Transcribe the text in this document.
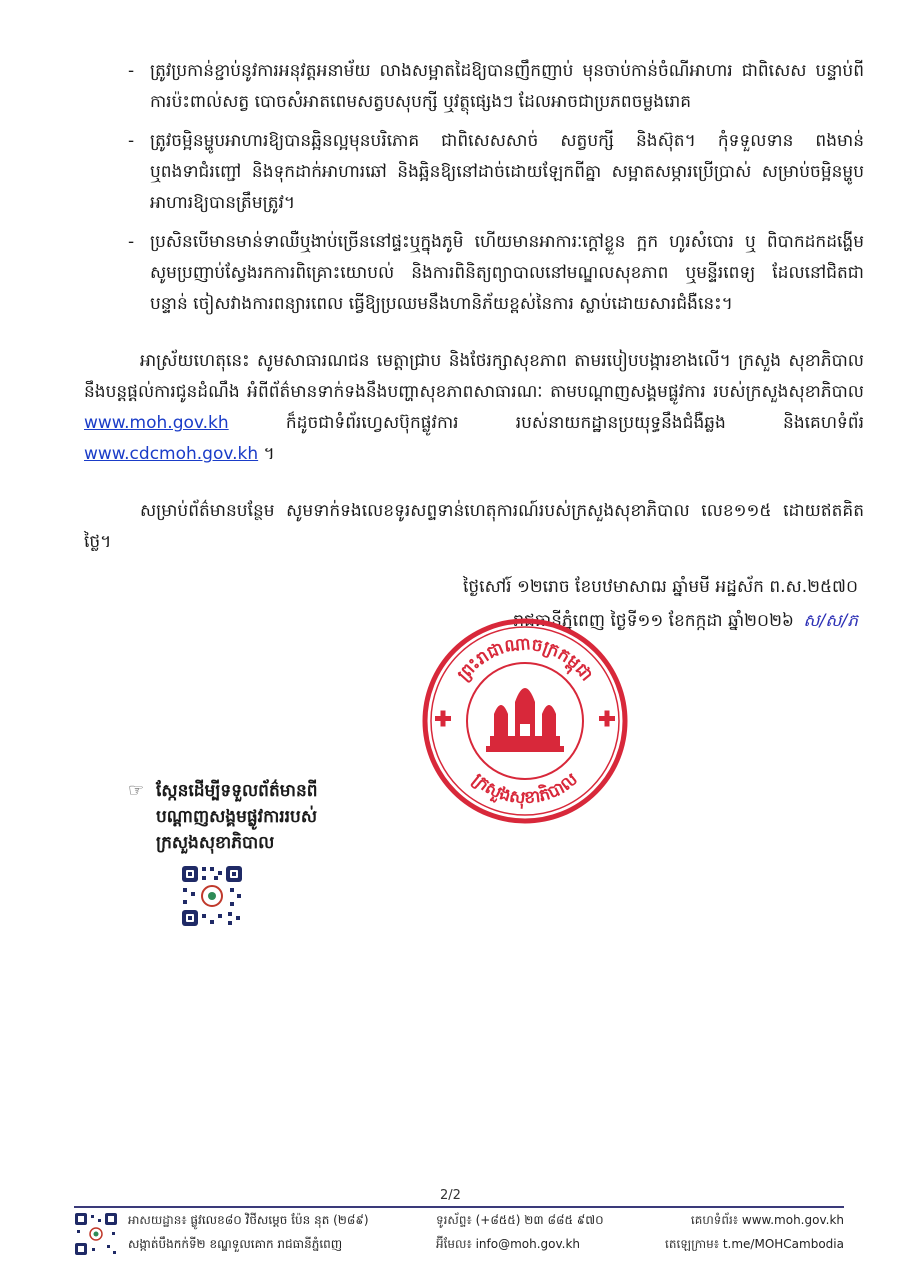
- ត្រូវប្រកាន់ខ្ជាប់នូវការអនុវត្តអនាម័យ លាងសម្អាតដៃឱ្យបានញឹកញាប់ មុនចាប់កាន់ចំណីអាហារ ជាពិសេស បន្ទាប់ពីការប៉ះពាល់សត្វ បោចសំអាតពេមសត្វបសុបក្សី ឬវត្ថុផ្សេងៗ ដែលអាចជាប្រភពចម្លងរោគ
- ត្រូវចម្អិនម្ហូបអាហារឱ្យបានឆ្អិនល្អមុនបរិភោគ ជាពិសេសសាច់ សត្វបក្សី និងស៊ុត។ កុំទទួលទាន ពងមាន់ ឬពងទាជំរញ្ជៅ និងទុកដាក់អាហារឆៅ និងឆ្អិនឱ្យនៅដាច់ដោយឡែកពីគ្នា សម្អាតសម្ភារប្រើប្រាស់ សម្រាប់ចម្អិនម្ហូបអាហារឱ្យបានត្រឹមត្រូវ។
- ប្រសិនបើមានមាន់ទាឈឺឬងាប់ច្រើននៅផ្ទះឬក្នុងភូមិ ហើយមានអាការៈក្តៅខ្លួន ក្អក ហូរសំបោរ ឬ ពិបាកដកដង្ហើម សូមប្រញាប់ស្វែងរកការពិគ្រោះយោបល់ និងការពិនិត្យព្យាបាលនៅមណ្ឌលសុខភាព ឬមន្ទីរពេទ្យ ដែលនៅជិតជាបន្ទាន់ ចៀសវាងការពន្យារពេល ធ្វើឱ្យប្រឈមនឹងហានិភ័យខ្ពស់នៃការ ស្លាប់ដោយសារជំងឺនេះ។
អាស្រ័យហេតុនេះ សូមសាធារណជន មេត្តាជ្រាប និងថែរក្សាសុខភាព តាមរបៀបបង្ការខាងលើ។ ក្រសួង សុខាភិបាលនឹងបន្តផ្តល់ការជូនដំណឹង អំពីព័ត៌មានទាក់ទងនឹងបញ្ហាសុខភាពសាធារណៈ តាមបណ្តាញសង្គមផ្លូវការ របស់ក្រសួងសុខាភិបាល www.moh.gov.kh	ក៏ដូចជាទំព័រហ្វេសប៊ុកផ្លូវការ របស់នាយកដ្ឋានប្រយុទ្ធនឹងជំងឺឆ្លង និងគេហទំព័រ www.cdcmoh.gov.kh ។
សម្រាប់ព័ត៌មានបន្ថែម សូមទាក់ទងលេខទូរសព្ទទាន់ហេតុការណ៍របស់ក្រសួងសុខាភិបាល លេខ១១៥ ដោយឥតគិតថ្លៃ។
ថ្ងៃសៅរ៍ ១២រោច ខែបឋមាសាឍ ឆ្នាំមមី អដ្ឋស័ក ព.ស.២៥៧០
រាជធានីភ្នំពេញ ថ្ងៃទី១១ ខែកក្កដា ឆ្នាំ២០២៦ ស/ស/ភ
ព្រះរាជាណាចក្រកម្ពុជា
ក្រសួងសុខាភិបាល
☞ ស្កែនដើម្បីទទួលព័ត៌មានពី
បណ្តាញសង្គមផ្លូវការរបស់
ក្រសួងសុខាភិបាល
2/2
អាសយដ្ឋាន៖ ផ្លូវលេខ៨០ វិថីសម្តេច ប៉ែន នុត (២៨៩)
សង្កាត់បឹងកក់ទី២ ខណ្ឌទួលគោក រាជធានីភ្នំពេញ
ទូរស័ព្ទ៖ (+៨៥៥) ២៣ ៨៨៥ ៩៧០
អ៊ីមែល៖ info@moh.gov.kh
គេហទំព័រ៖ www.moh.gov.kh
តេឡេក្រាម៖ t.me/MOHCambodia
